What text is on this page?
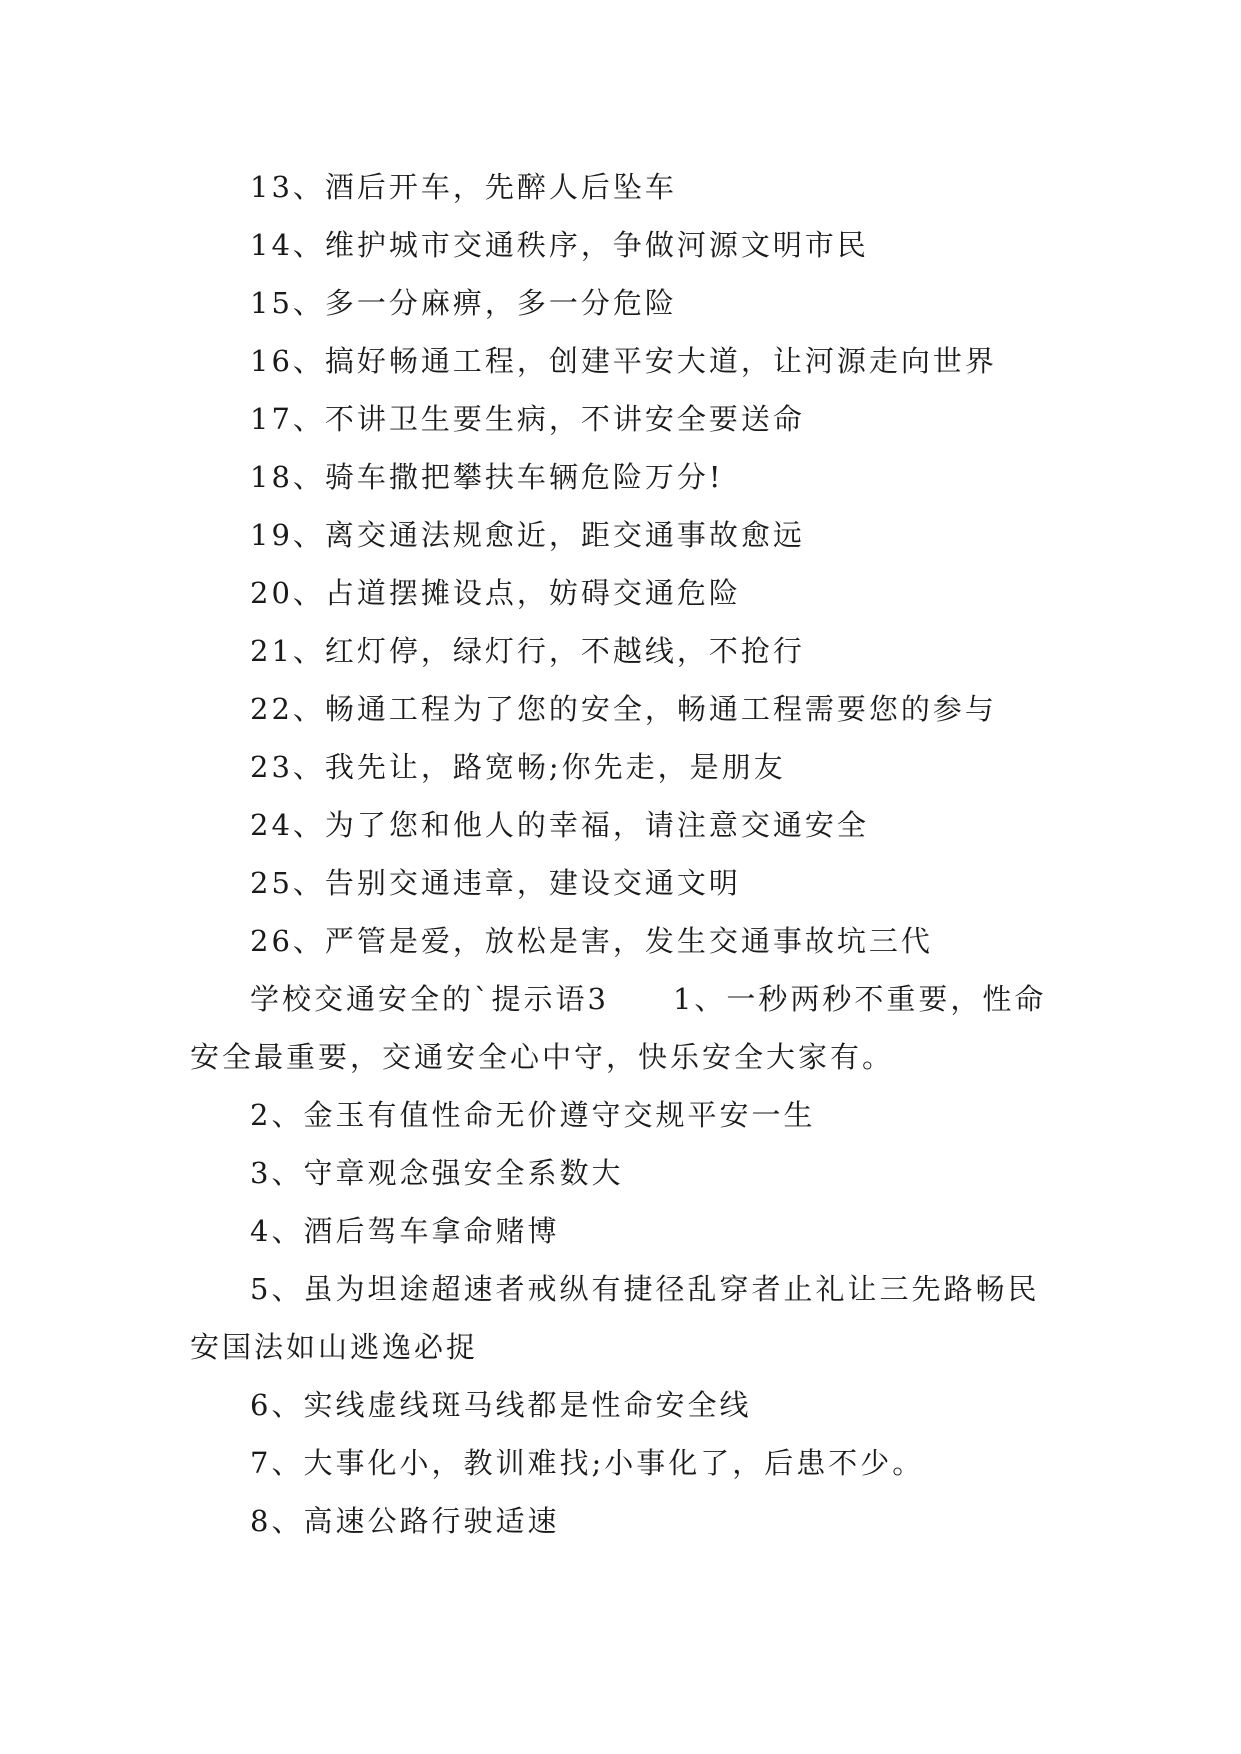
13、酒后开车，先醉人后坠车

14、维护城市交通秩序，争做河源文明市民

15、多一分麻痹，多一分危险

16、搞好畅通工程，创建平安大道，让河源走向世界

17、不讲卫生要生病，不讲安全要送命

18、骑车撒把攀扶车辆危险万分!

19、离交通法规愈近，距交通事故愈远

20、占道摆摊设点，妨碍交通危险

21、红灯停，绿灯行，不越线，不抢行

22、畅通工程为了您的安全，畅通工程需要您的参与

23、我先让，路宽畅;你先走，是朋友

24、为了您和他人的幸福，请注意交通安全

25、告别交通违章，建设交通文明

26、严管是爱，放松是害，发生交通事故坑三代

学校交通安全的`提示语3　　1、一秒两秒不重要，性命安全最重要，交通安全心中守，快乐安全大家有。

2、金玉有值性命无价遵守交规平安一生

3、守章观念强安全系数大

4、酒后驾车拿命赌博

5、虽为坦途超速者戒纵有捷径乱穿者止礼让三先路畅民安国法如山逃逸必捉

6、实线虚线斑马线都是性命安全线

7、大事化小，教训难找;小事化了，后患不少。

8、高速公路行驶适速
